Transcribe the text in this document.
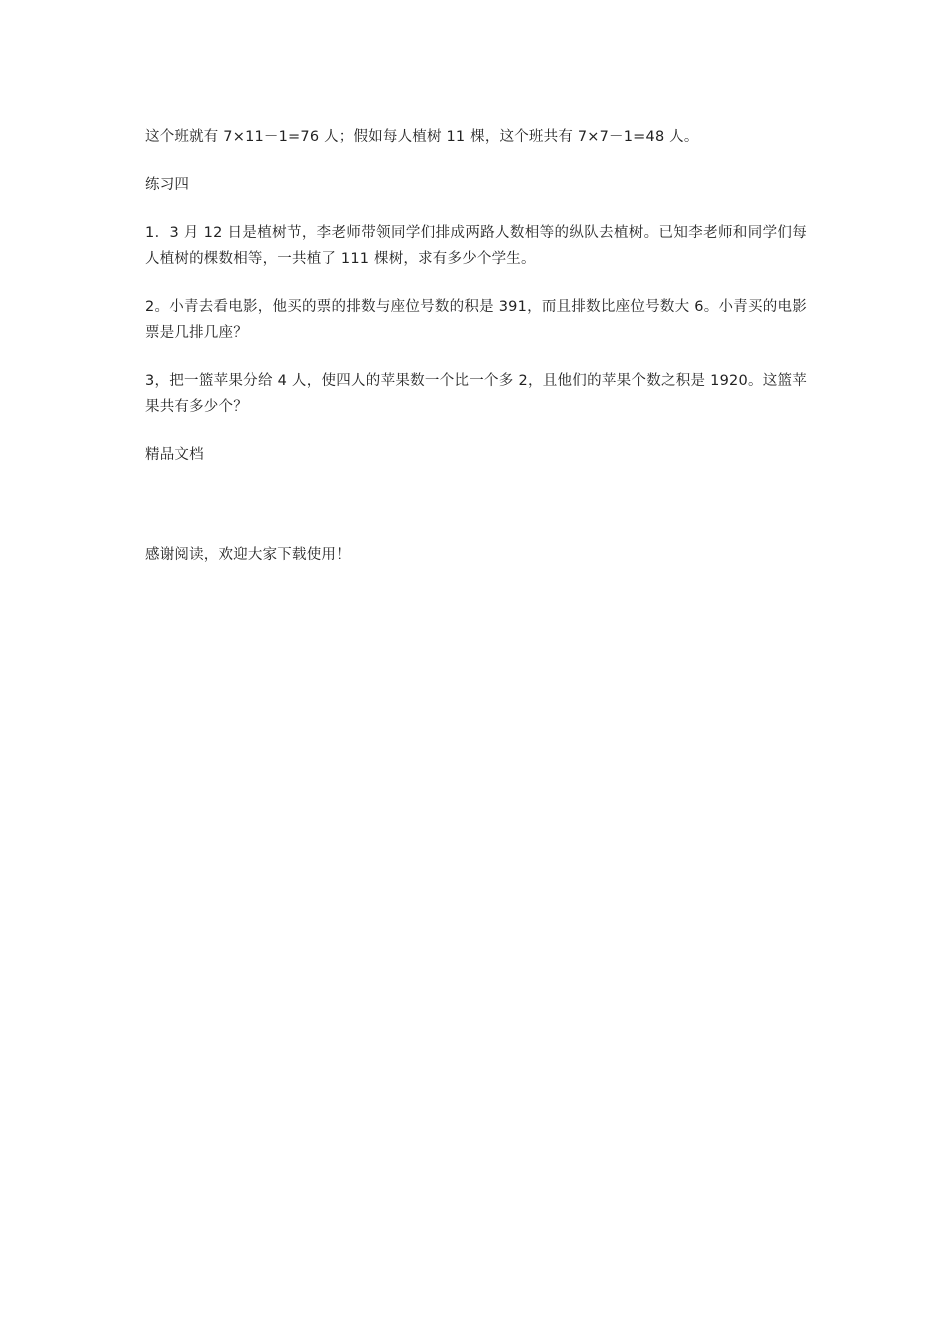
这个班就有 7×11－1=76 人；假如每人植树 11 棵，这个班共有 7×7－1=48 人。

练习四

1．3 月 12 日是植树节，李老师带领同学们排成两路人数相等的纵队去植树。已知李老师和同学们每人植树的棵数相等，一共植了 111 棵树，求有多少个学生。

2。小青去看电影，他买的票的排数与座位号数的积是 391，而且排数比座位号数大 6。小青买的电影票是几排几座？

3，把一篮苹果分给 4 人，使四人的苹果数一个比一个多 2，且他们的苹果个数之积是 1920。这篮苹果共有多少个？

精品文档

感谢阅读，欢迎大家下载使用！
